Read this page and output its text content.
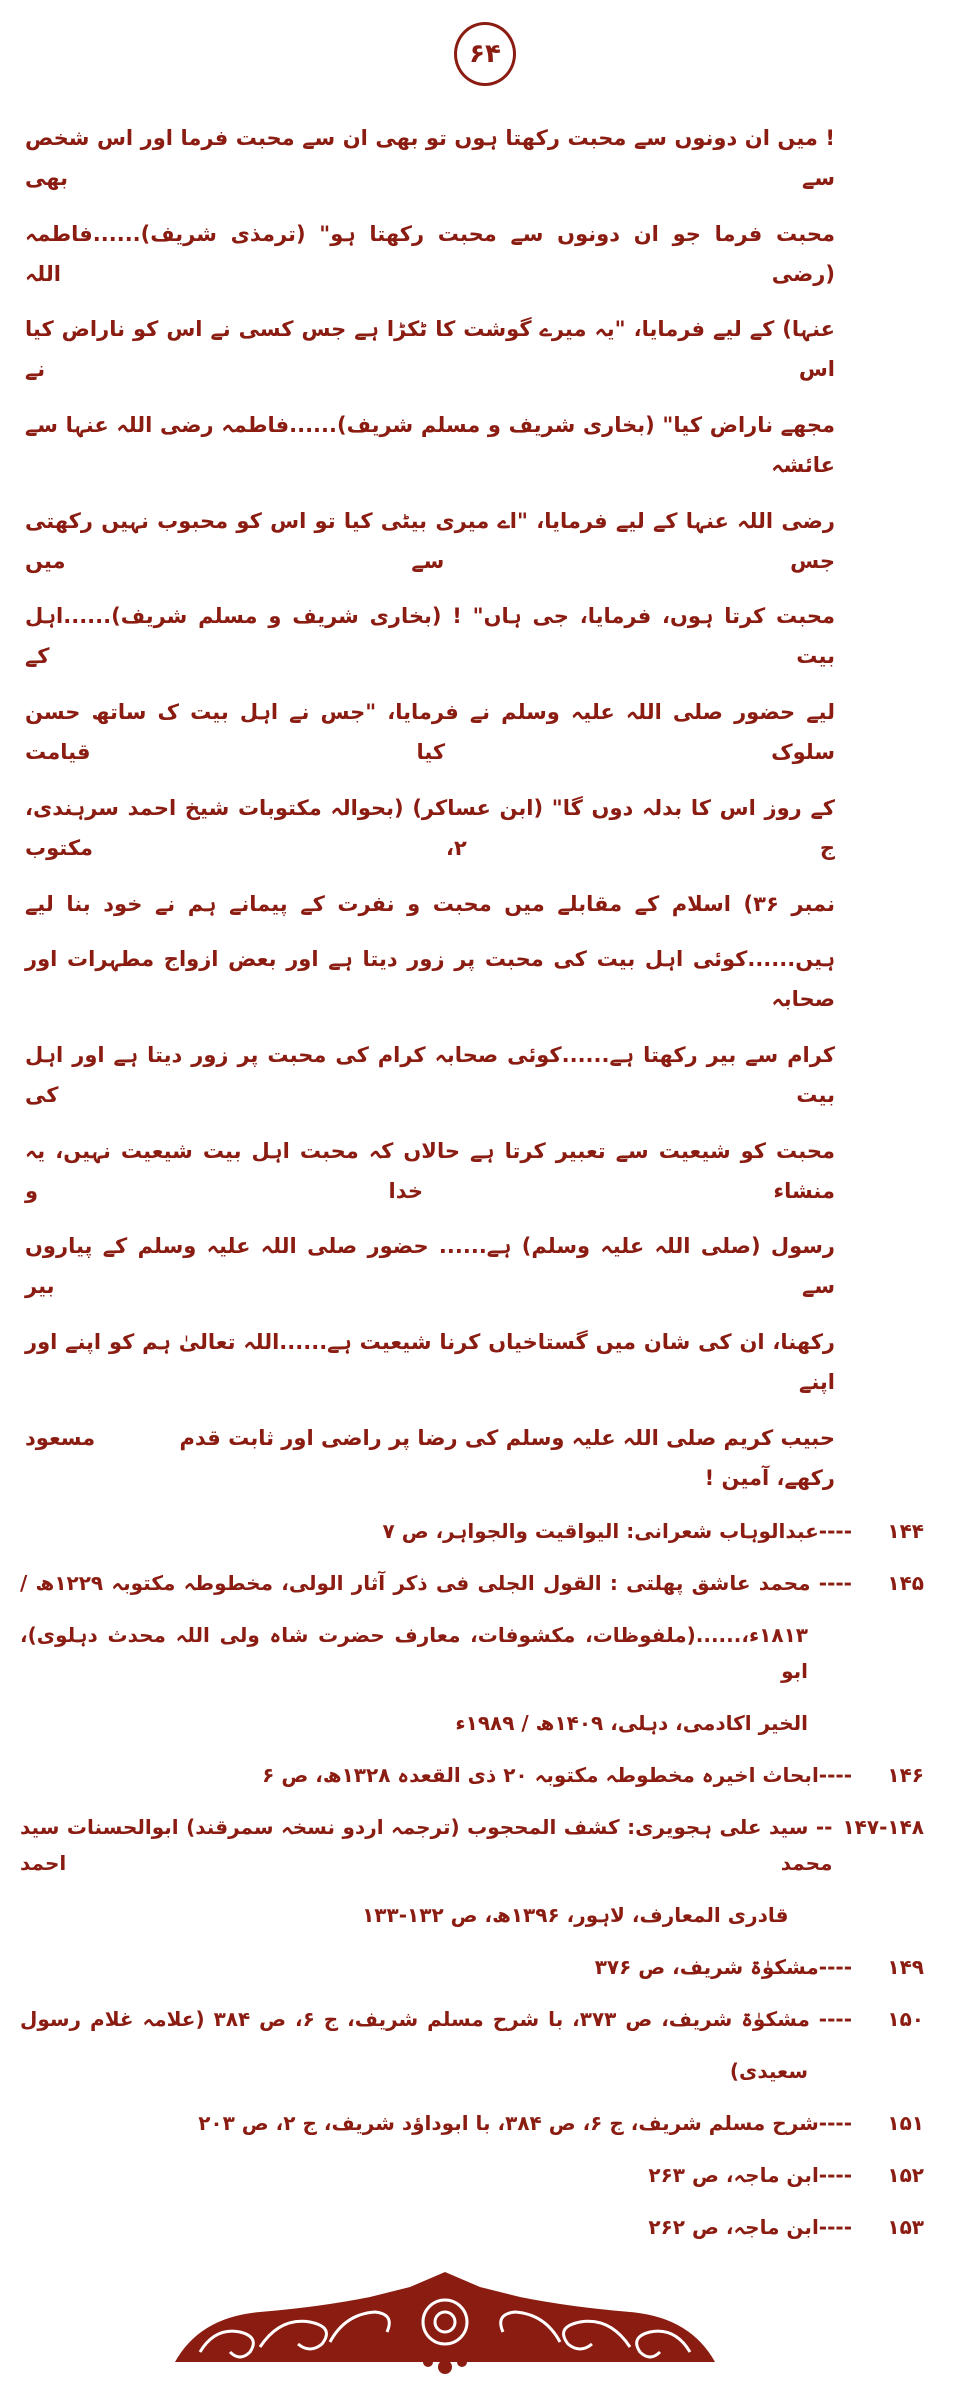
۶۴
! میں ان دونوں سے محبت رکھتا ہوں تو بھی ان سے محبت فرما اور اس شخص سے بھی
محبت فرما جو ان دونوں سے محبت رکھتا ہو" (ترمذی شریف)......فاطمہ (رضی اللہ
عنہا) کے لیے فرمایا، "یہ میرے گوشت کا ٹکڑا ہے جس کسی نے اس کو ناراض کیا اس نے
مجھے ناراض کیا" (بخاری شریف و مسلم شریف)......فاطمہ رضی اللہ عنہا سے عائشہ
رضی اللہ عنہا کے لیے فرمایا، "اے میری بیٹی کیا تو اس کو محبوب نہیں رکھتی جس سے میں
محبت کرتا ہوں، فرمایا، جی ہاں" ! (بخاری شریف و مسلم شریف)......اہل بیت کے
لیے حضور صلی اللہ علیہ وسلم نے فرمایا، "جس نے اہل بیت ک ساتھ حسن سلوک کیا قیامت
کے روز اس کا بدلہ دوں گا" (ابن عساکر) (بحوالہ مکتوبات شیخ احمد سرہندی، ج ۲، مکتوب
نمبر ۳۶) اسلام کے مقابلے میں محبت و نفرت کے پیمانے ہم نے خود بنا لیے
ہیں......کوئی اہل بیت کی محبت پر زور دیتا ہے اور بعض ازواج مطہرات اور صحابہ
کرام سے بیر رکھتا ہے......کوئی صحابہ کرام کی محبت پر زور دیتا ہے اور اہل بیت کی
محبت کو شیعیت سے تعبیر کرتا ہے حالاں کہ محبت اہل بیت شیعیت نہیں، یہ منشاء خدا و
رسول (صلی اللہ علیہ وسلم) ہے...... حضور صلی اللہ علیہ وسلم کے پیاروں سے بیر
رکھنا، ان کی شان میں گستاخیاں کرنا شیعیت ہے......اللہ تعالیٰ ہم کو اپنے اور اپنے
حبیب کریم صلی اللہ علیہ وسلم کی رضا پر راضی اور ثابت قدم رکھے، آمین !
مسعود
۱۴۴
----عبدالوہاب شعرانی: الیواقیت والجواہر، ص ۷
۱۴۵
---- محمد عاشق پھلتی : القول الجلی فی ذکر آثار الولی، مخطوطہ مکتوبہ ۱۲۲۹ھ /
۱۸۱۳ء،......(ملفوظات، مکشوفات، معارف حضرت شاہ ولی اللہ محدث دہلوی)، ابو
الخیر اکادمی، دہلی، ۱۴۰۹ھ / ۱۹۸۹ء
۱۴۶
----ابحاث اخیرہ مخطوطہ مکتوبہ ۲۰ ذی القعدہ ۱۳۲۸ھ، ص ۶
۱۴۷-۱۴۸
-- سید علی ہجویری: کشف المحجوب (ترجمہ اردو نسخہ سمرقند) ابوالحسنات سید محمد احمد
قادری المعارف، لاہور، ۱۳۹۶ھ، ص ۱۳۲-۱۳۳
۱۴۹
----مشکوٰۃ شریف، ص ۳۷۶
۱۵۰
---- مشکوٰۃ شریف، ص ۳۷۳، با شرح مسلم شریف، ج ۶، ص ۳۸۴ (علامہ غلام رسول
سعیدی)
۱۵۱
----شرح مسلم شریف، ج ۶، ص ۳۸۴، با ابوداؤد شریف، ج ۲، ص ۲۰۳
۱۵۲
----ابن ماجہ، ص ۲۶۳
۱۵۳
----ابن ماجہ، ص ۲۶۲
